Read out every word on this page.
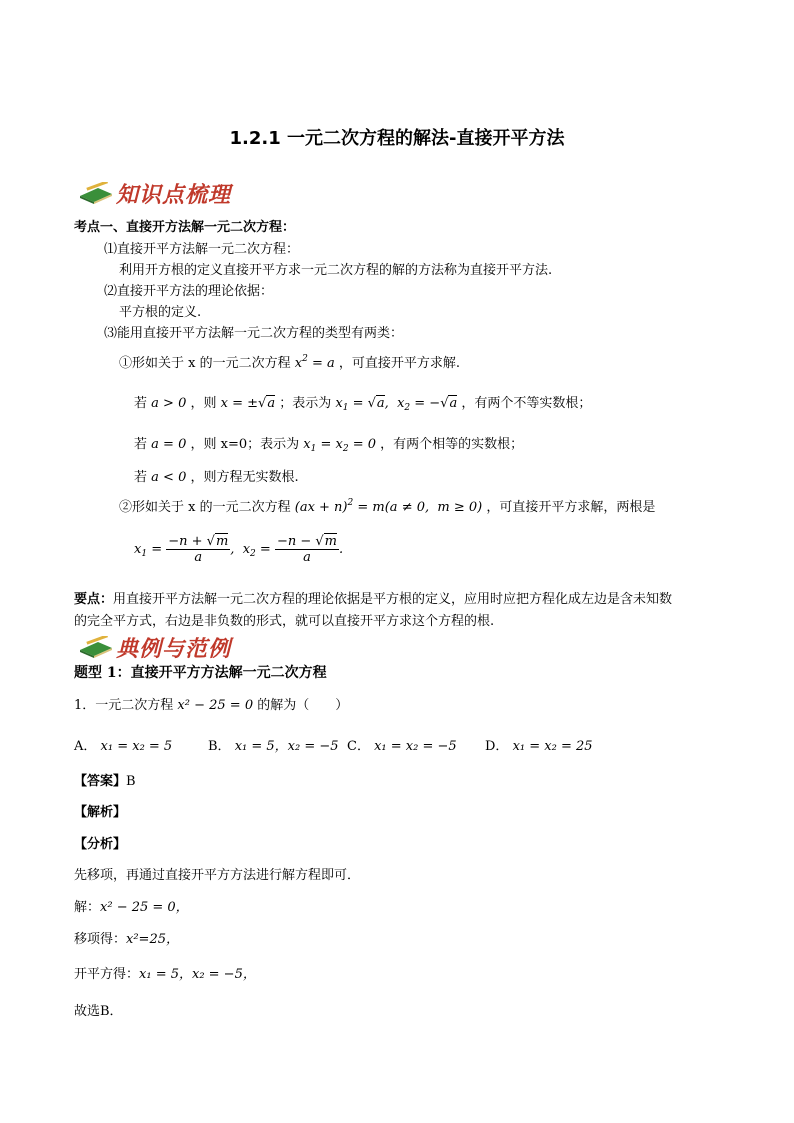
1.2.1 一元二次方程的解法-直接开平方法
知识点梳理
考点一、直接开方法解一元二次方程：
⑴直接开平方法解一元二次方程：
利用开方根的定义直接开平方求一元二次方程的解的方法称为直接开平方法.
⑵直接开平方法的理论依据：
平方根的定义.
⑶能用直接开平方法解一元二次方程的类型有两类：
①形如关于 x 的一元二次方程 $x^2 = a$ ，可直接开平方求解.
若 a > 0 ，则 x = ±√a ；表示为 $x_1 = √a$,  $x_2 = -√a$ ，有两个不等实数根；
若 a = 0 ，则 x=0；表示为 $x_1 = x_2 = 0$ ，有两个相等的实数根；
若 a < 0 ，则方程无实数根.
②形如关于 x 的一元二次方程 (ax + n)$^2$ = m(a ≠ 0,  m ≥ 0) ，可直接开平方求解，两根是
$x_1 = \frac{-n + √m}{a}$ ,  $x_2 = \frac{-n - √m}{a}$ .
要点：用直接开平方法解一元二次方程的理论依据是平方根的定义，应用时应把方程化成左边是含未知数
的完全平方式，右边是非负数的形式，就可以直接开平方求这个方程的根.
典例与范例
题型 1：直接开平方方法解一元二次方程
1．一元二次方程 x² − 25 = 0 的解为（　　）
A． x₁ = x₂ = 5	B． x₁ = 5，x₂ = −5 C． x₁ = x₂ = −5 D． x₁ = x₂ = 25
【答案】B
【解析】
【分析】
先移项，再通过直接开平方方法进行解方程即可．
解：x² − 25 = 0，
移项得：x²=25，
开平方得：x₁ = 5，x₂ = −5，
故选B．
